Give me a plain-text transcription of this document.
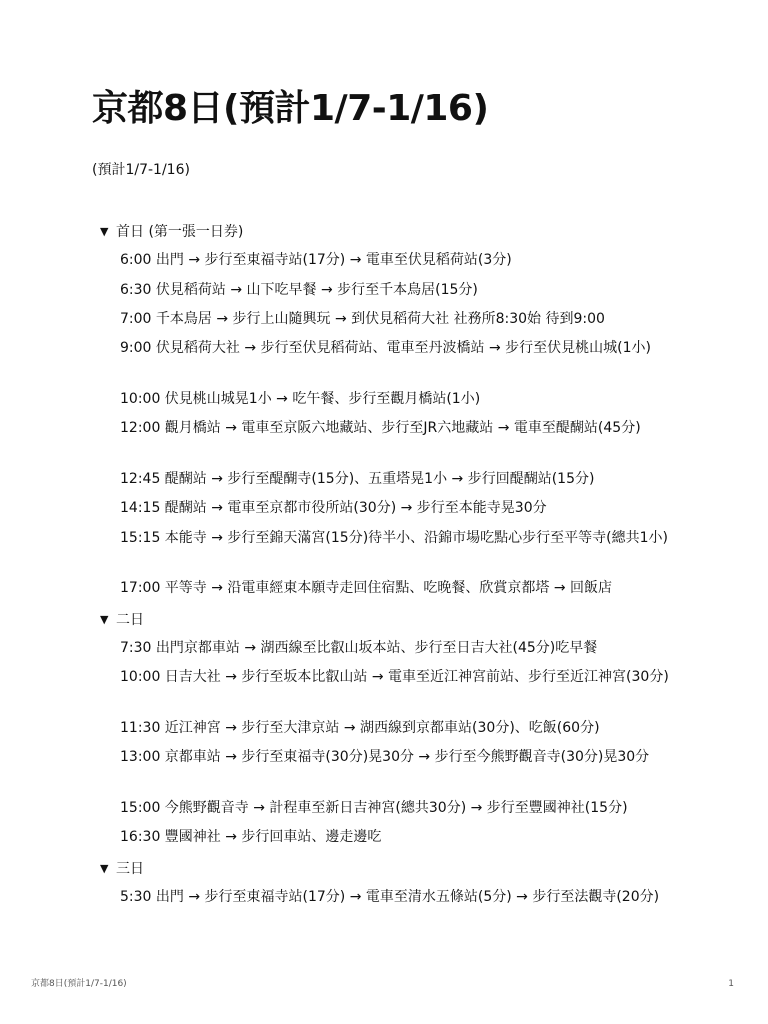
京都8日(預計1/7-1/16)
(預計1/7-1/16)
▼ 首日 (第一張一日券)
6:00 出門 → 步行至東福寺站(17分) → 電車至伏見稻荷站(3分)
6:30 伏見稻荷站 → 山下吃早餐 → 步行至千本鳥居(15分)
7:00 千本鳥居 → 步行上山隨興玩 → 到伏見稻荷大社 社務所8:30始 待到9:00
9:00 伏見稻荷大社 → 步行至伏見稻荷站、電車至丹波橋站 → 步行至伏見桃山城(1小)
10:00 伏見桃山城晃1小 → 吃午餐、步行至觀月橋站(1小)
12:00 觀月橋站 → 電車至京阪六地藏站、步行至JR六地藏站 → 電車至醍醐站(45分)
12:45 醍醐站 → 步行至醍醐寺(15分)、五重塔晃1小 → 步行回醍醐站(15分)
14:15 醍醐站 → 電車至京都市役所站(30分) → 步行至本能寺晃30分
15:15 本能寺 → 步行至錦天滿宮(15分)待半小、沿錦市場吃點心步行至平等寺(總共1小)
17:00 平等寺 → 沿電車經東本願寺走回住宿點、吃晚餐、欣賞京都塔 → 回飯店
▼ 二日
7:30 出門京都車站 → 湖西線至比叡山坂本站、步行至日吉大社(45分)吃早餐
10:00 日吉大社 → 步行至坂本比叡山站 → 電車至近江神宮前站、步行至近江神宮(30分)
11:30 近江神宮 → 步行至大津京站 → 湖西線到京都車站(30分)、吃飯(60分)
13:00 京都車站 → 步行至東福寺(30分)晃30分 → 步行至今熊野觀音寺(30分)晃30分
15:00 今熊野觀音寺 → 計程車至新日吉神宮(總共30分) → 步行至豐國神社(15分)
16:30 豐國神社 → 步行回車站、邊走邊吃
▼ 三日
5:30 出門 → 步行至東福寺站(17分) → 電車至清水五條站(5分) → 步行至法觀寺(20分)
京都8日(預計1/7-1/16)	1
